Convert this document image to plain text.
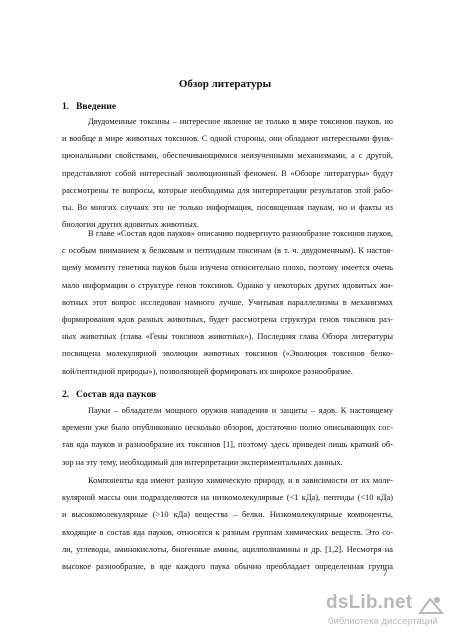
Обзор литературы
1. Введение
Двудоменные токсины – интересное явление не только в мире токсинов пауков, но
и вообще в мире животных токсинов. С одной стороны, они обладают интересными функ-
циональными свойствами, обеспечивающимися неизученными механизмами, а с другой,
представляют собой интересный эволюционный феномен. В «Обзоре литературы» будут
рассмотрены те вопросы, которые необходимы для интерпретации результатов этой рабо-
ты. Во многих случаях это не только информация, посвященная паукам, но и факты из
биологии других ядовитых животных.
В главе «Состав ядов пауков» описанию подвергнуто разнообразие токсинов пауков,
с особым вниманием к белковым и пептидным токсинам (в т. ч. двудоменным). К настоя-
щему моменту генетика пауков была изучена относительно плохо, поэтому имеется очень
мало информации о структуре генов токсинов. Однако у некоторых других ядовитых жи-
вотных этот вопрос исследован намного лучше. Учитывая параллелизмы в механизмах
формирования ядов разных животных, будет рассмотрена структура генов токсинов раз-
ных животных (глава «Гены токсинов животных»). Последняя глава Обзора литературы
посвящена молекулярной эволюции животных токсинов («Эволюция токсинов белко-
вой/пептидной природы»), позволяющей формировать их широкое разнообразие.
2. Состав яда пауков
Пауки – обладатели мощного оружия нападения и защиты – ядов. К настоящему
времени уже было опубликовано несколько обзоров, достаточно полно описывающих сос-
тав яда пауков и разнообразие их токсинов [1], поэтому здесь приведен лишь краткий об-
зор на эту тему, необходимый для интерпретации экспериментальных данных.
Компоненты яда имеют разную химическую природу, и в зависимости от их моле-
кулярной массы они подразделяются на низкомолекулярные (<1 кДа), пептиды (<10 кДа)
и высокомолекулярные (>10 кДа) вещества – белки. Низкомолекулярные компоненты,
входящие в состав яда пауков, относятся к разным группам химических веществ. Это со-
ли, углеводы, аминокислоты, биогенные амины, ацилполиамины и др. [1,2]. Несмотря на
высокое разнообразие, в яде каждого паука обычно преобладает определенная группа
7
dsLib.net
библиотека диссертаций
